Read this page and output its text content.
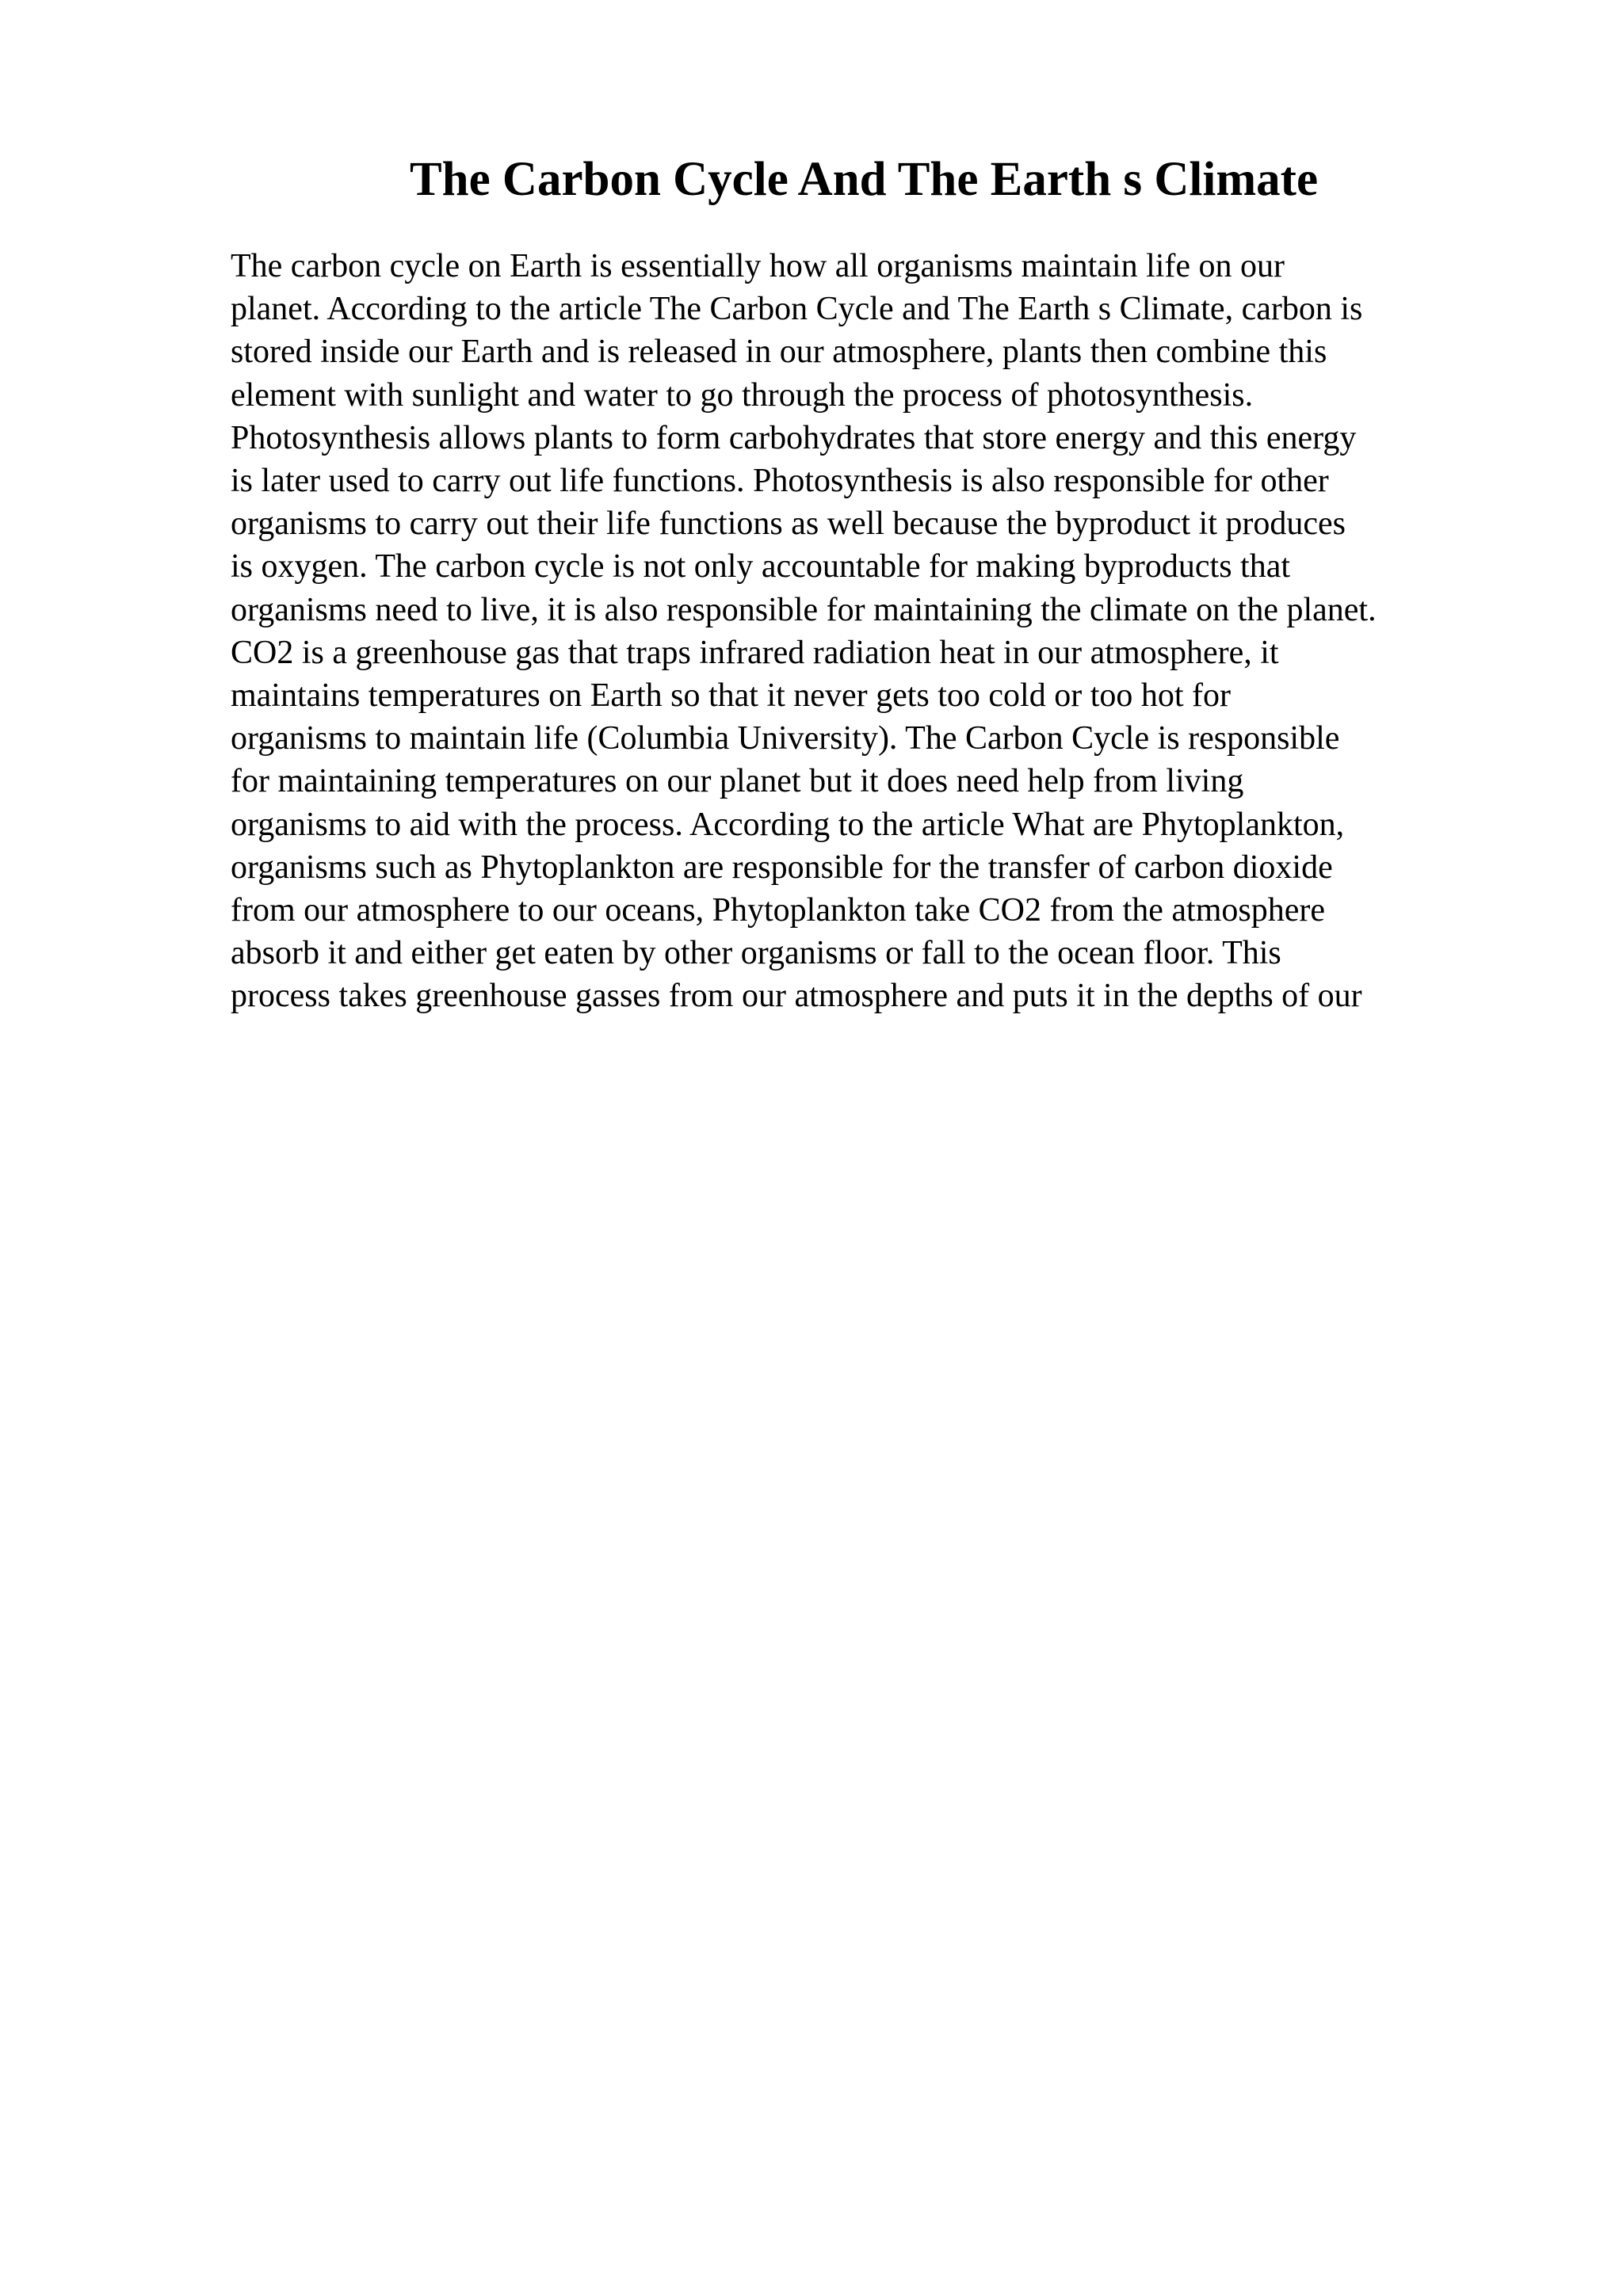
The Carbon Cycle And The Earth s Climate
The carbon cycle on Earth is essentially how all organisms maintain life on our
planet. According to the article The Carbon Cycle and The Earth s Climate, carbon is
stored inside our Earth and is released in our atmosphere, plants then combine this
element with sunlight and water to go through the process of photosynthesis.
Photosynthesis allows plants to form carbohydrates that store energy and this energy
is later used to carry out life functions. Photosynthesis is also responsible for other
organisms to carry out their life functions as well because the byproduct it produces
is oxygen. The carbon cycle is not only accountable for making byproducts that
organisms need to live, it is also responsible for maintaining the climate on the planet.
CO2 is a greenhouse gas that traps infrared radiation heat in our atmosphere, it
maintains temperatures on Earth so that it never gets too cold or too hot for
organisms to maintain life (Columbia University). The Carbon Cycle is responsible
for maintaining temperatures on our planet but it does need help from living
organisms to aid with the process. According to the article What are Phytoplankton,
organisms such as Phytoplankton are responsible for the transfer of carbon dioxide
from our atmosphere to our oceans, Phytoplankton take CO2 from the atmosphere
absorb it and either get eaten by other organisms or fall to the ocean floor. This
process takes greenhouse gasses from our atmosphere and puts it in the depths of our
